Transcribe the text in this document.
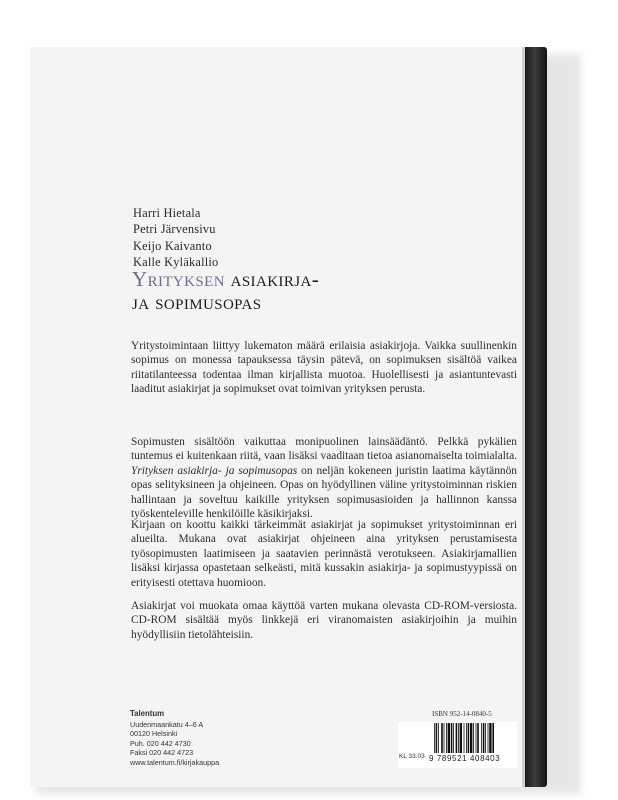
Harri Hietala
Petri Järvensivu
Keijo Kaivanto
Kalle Kyläkallio
Yrityksen asiakirja-
ja sopimusopas
Yritystoimintaan liittyy lukematon määrä erilaisia asiakirjoja. Vaikka suullinenkin sopimus on monessa tapauksessa täysin pätevä, on sopimuksen sisältöä vaikea riitatilanteessa todentaa ilman kirjallista muotoa. Huolellisesti ja asiantuntevasti laaditut asiakirjat ja sopimukset ovat toimivan yrityksen perusta.
Sopimusten sisältöön vaikuttaa monipuolinen lainsäädäntö. Pelkkä pykälien tuntemus ei kuitenkaan riitä, vaan lisäksi vaaditaan tietoa asianomaiselta toimialalta. Yrityksen asiakirja- ja sopimusopas on neljän kokeneen juristin laatima käytännön opas selityksineen ja ohjeineen. Opas on hyödyllinen väline yritystoiminnan riskien hallintaan ja soveltuu kaikille yrityksen sopimusasioiden ja hallinnon kanssa työskenteleville henkilöille käsikirjaksi.
Kirjaan on koottu kaikki tärkeimmät asiakirjat ja sopimukset yritystoiminnan eri alueilta. Mukana ovat asiakirjat ohjeineen aina yrityksen perustamisesta työsopimusten laatimiseen ja saatavien perinnästä verotukseen. Asiakirjamallien lisäksi kirjassa opastetaan selkeästi, mitä kussakin asiakirja- ja sopimustyypissä on erityisesti otettava huomioon.
Asiakirjat voi muokata omaa käyttöä varten mukana olevasta CD-ROM-versiosta. CD-ROM sisältää myös linkkejä eri viranomaisten asiakirjoihin ja muihin hyödyllisiin tietolähteisiin.
Talentum
Uudenmaankatu 4–6 A
00120 Helsinki
Puh. 020 442 4730
Faksi 020 442 4723
www.talentum.fi/kirjakauppa
ISBN 952-14-0840-5
KL 33.03 9 789521 408403
